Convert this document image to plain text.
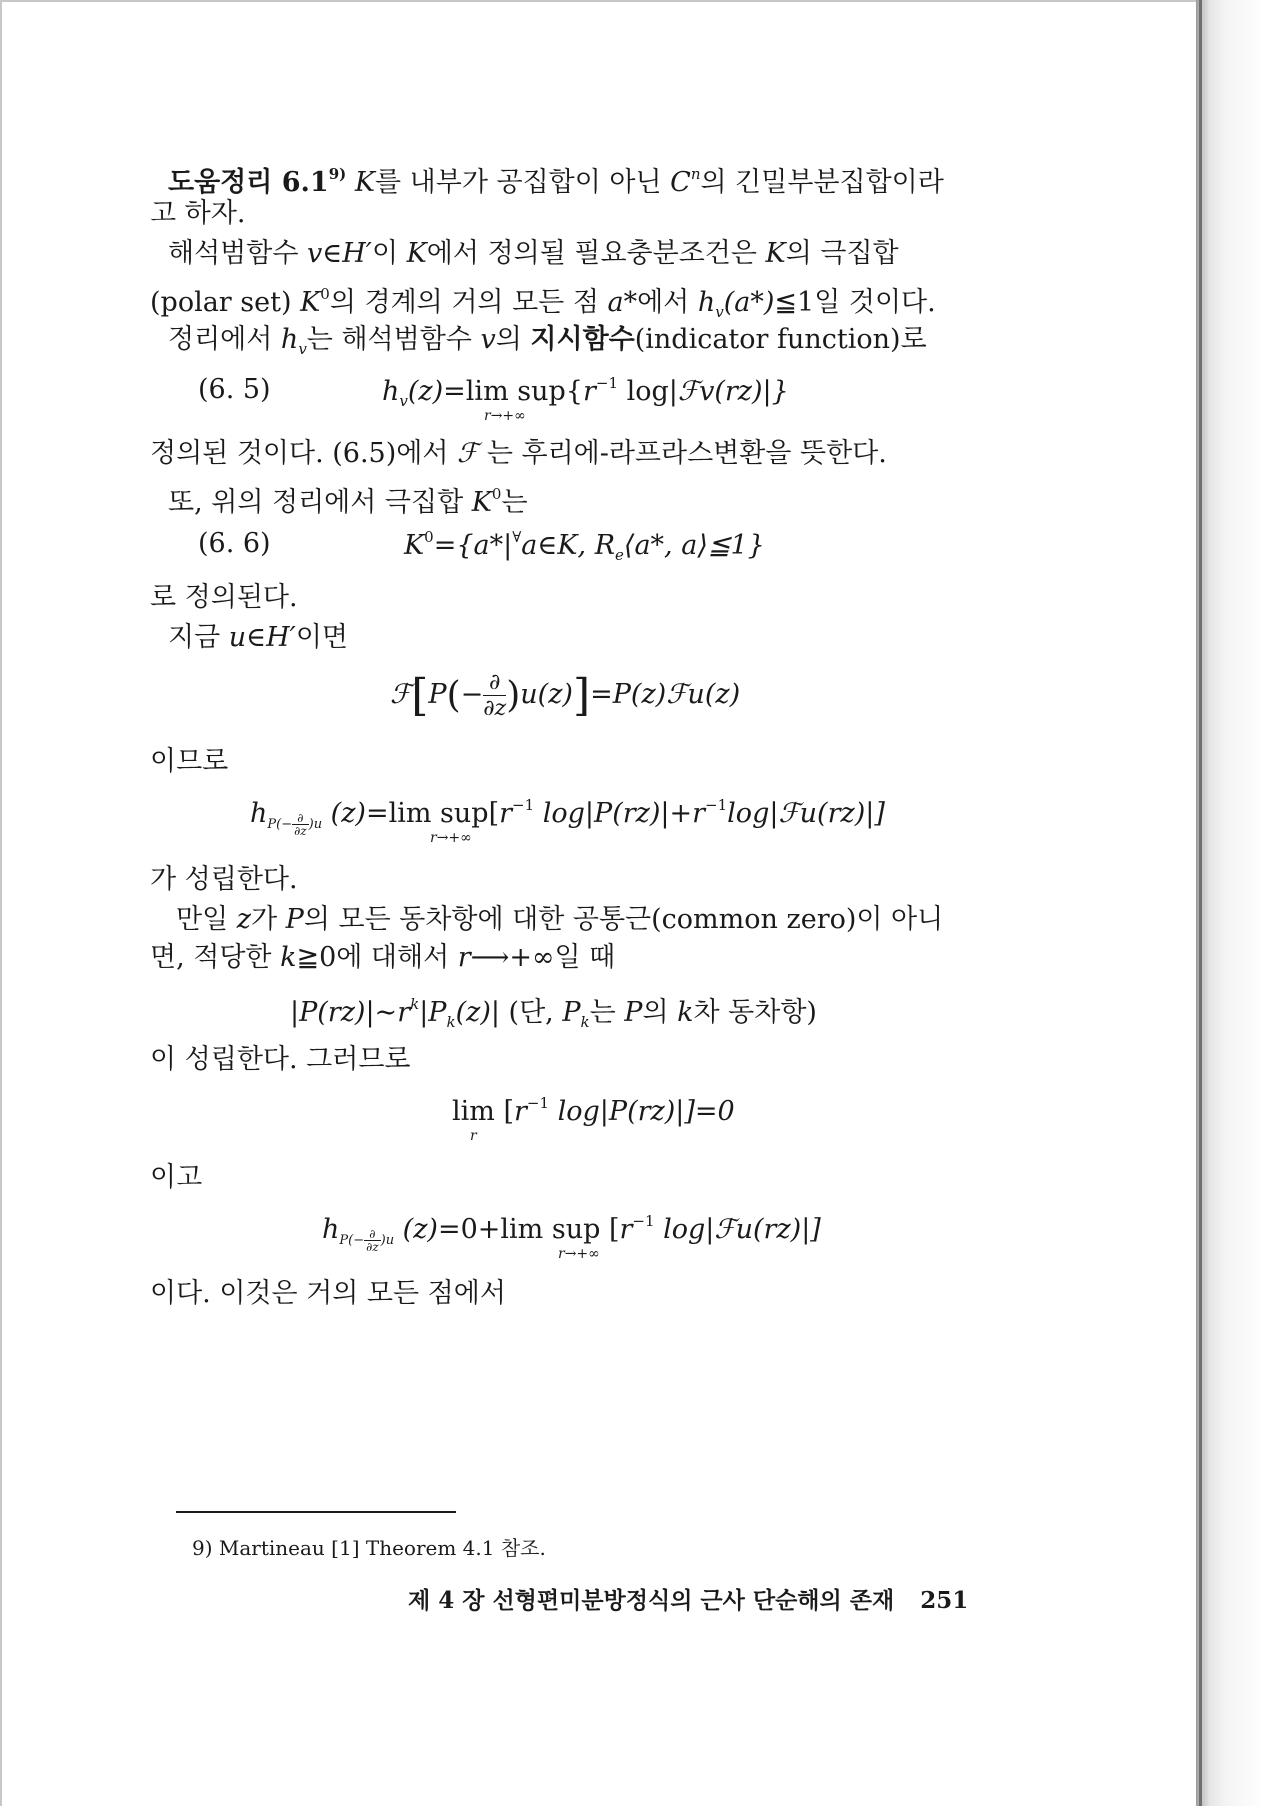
도움정리 6.1$^{9)}$ K를 내부가 공집합이 아닌 $C^n$의 긴밀부분집합이라
고 하자.
해석범함수 v∈H′이 K에서 정의될 필요충분조건은 K의 극집합
(polar set) $K^0$의 경계의 거의 모든 점 a*에서 $h_v(a*)≦1$일 것이다.
정리에서 $h_v$는 해석범함수 v의 지시함수(indicator function)로
(6. 5)	$h_v(z)=\lim$ $sup\{r^{-1}$ log|ℱv(rz)|}
r→+∞
정의된 것이다. (6.5)에서 ℱ 는 후리에-라프라스변환을 뜻한다.
또, 위의 정리에서 극집합 $K^0$는
(6. 6)	$K^0=\{a*|^\forall a\in K$, $R_e⟨a*$, a⟩≦1}
로 정의된다.
지금 u∈H′이면
ℱ[P(− $\frac{\partial}{\partial z}$ )u(z)]=P(z)ℱu(z)
이므로
$h_{P(- \frac{\partial}{\partial z} )u}$ (z)=lim $sup[r^{-1}$ $\log|P(rz)|+r^{-1}\log|ℱu(rz)|$]
r→+∞
가 성립한다.
만일 z가 P의 모든 동차항에 대한 공통근(common zero)이 아니
면, 적당한 k≧0에 대해서 r⟶+∞일 때
$|P(rz)|\sim r^k|P_k(z)|$ (단, $P_k$는 P의 k차 동차항)
이 성립한다. 그러므로
$\lim [r^{-1}$ log|P(rz)|]=0
r
이고
$h_{P(- \frac{\partial}{\partial z} )u}$ (z)=0+lim sup [$r^{-1}$ log|ℱu(rz)|]
r→+∞
이다. 이것은 거의 모든 점에서
9) Martineau [1] Theorem 4.1 참조.
제 4 장 선형편미분방정식의 근사 단순해의 존재 251
